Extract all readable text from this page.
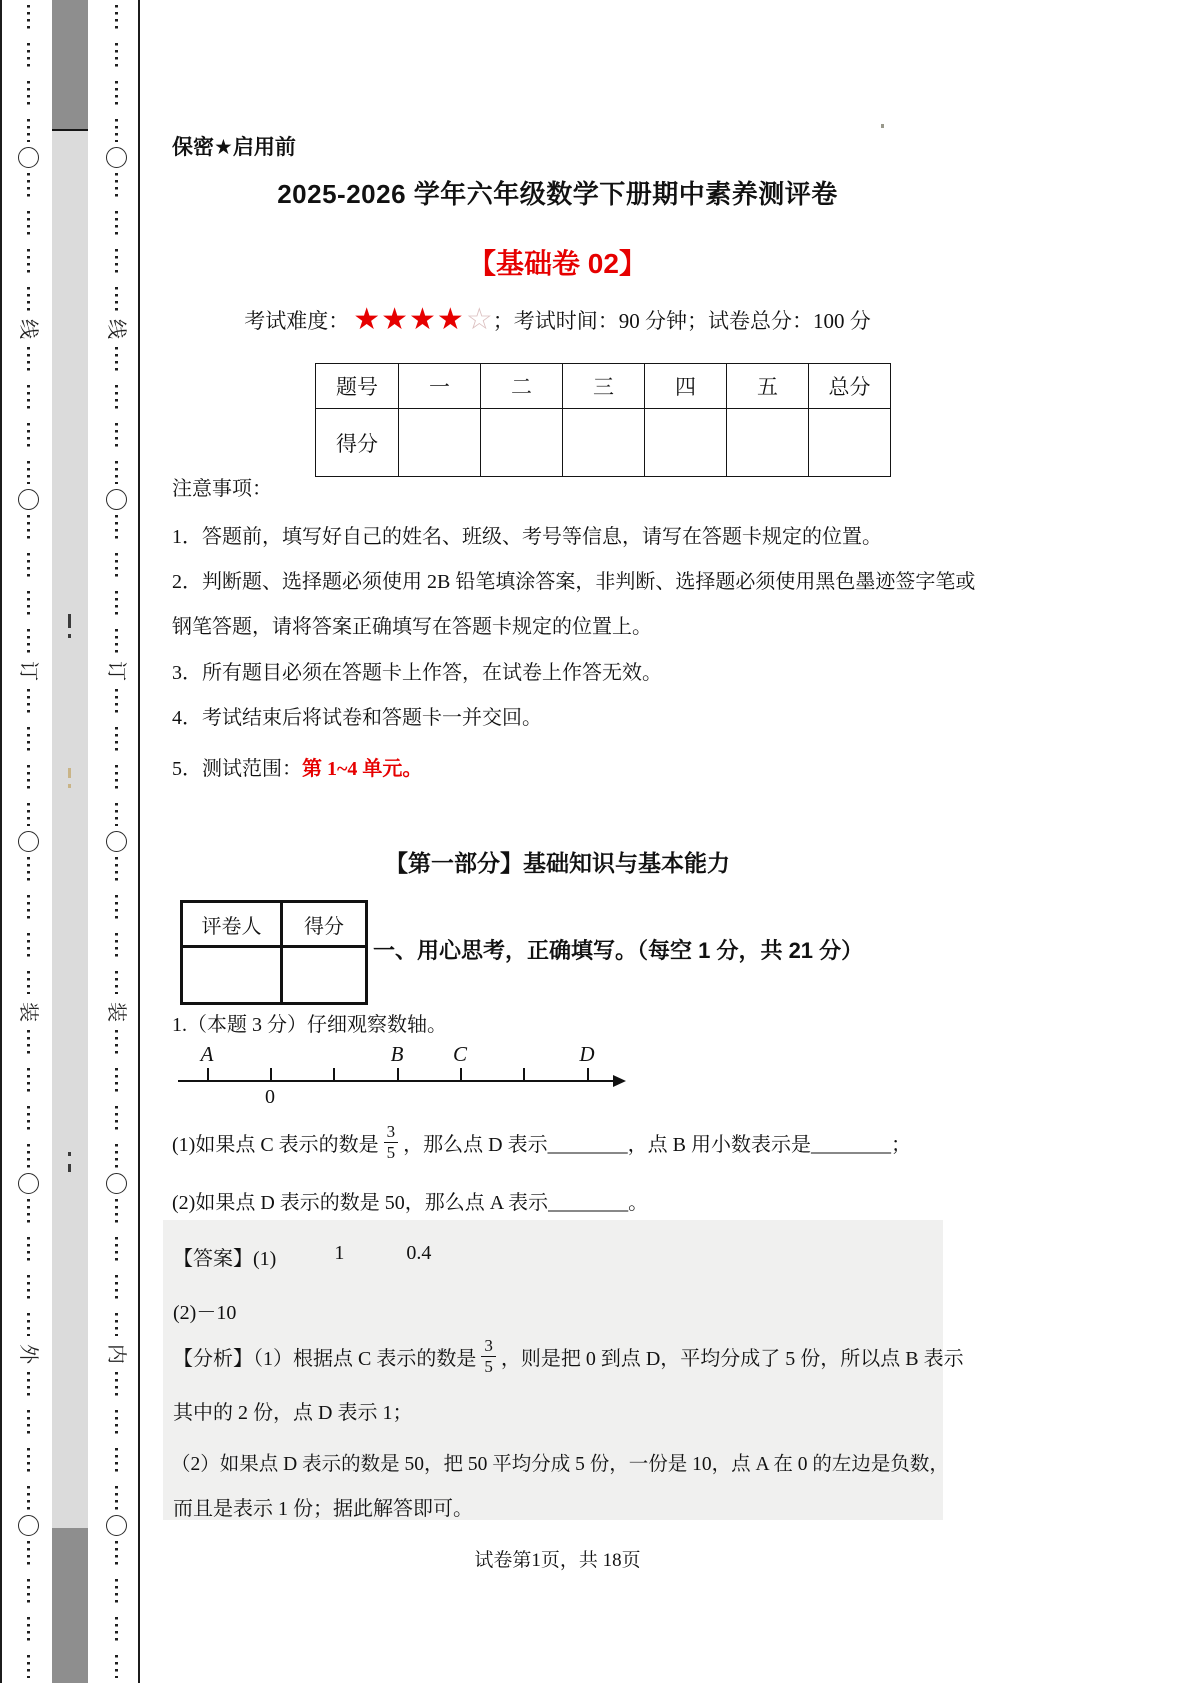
线
订
装
外
线
订
装
内
保密★启用前
2025-2026 学年六年级数学下册期中素养测评卷
【基础卷 02】
考试难度： ★★★★ ☆ ；考试时间：90 分钟；试卷总分：100 分
题号	一	二	三	四	五	总分
得分						
注意事项：
1．答题前，填写好自己的姓名、班级、考号等信息，请写在答题卡规定的位置。
2．判断题、选择题必须使用 2B 铅笔填涂答案，非判断、选择题必须使用黑色墨迹签字笔或
钢笔答题，请将答案正确填写在答题卡规定的位置上。
3．所有题目必须在答题卡上作答，在试卷上作答无效。
4．考试结束后将试卷和答题卡一并交回。
5．测试范围：第 1~4 单元。
【第一部分】基础知识与基本能力
评卷人	得分

一、用心思考，正确填写。（每空 1 分，共 21 分）
1.（本题 3 分）仔细观察数轴。
A	B	C	D
0
(1)如果点 C 表示的数是 $\frac{3}{5}$ ，那么点 D 表示________，点 B 用小数表示是________；
(2)如果点 D 表示的数是 50，那么点 A 表示________。
【答案】(1)	1	0.4
(2)－10
【分析】（1）根据点 C 表示的数是 $\frac{3}{5}$ ，则是把 0 到点 D，平均分成了 5 份，所以点 B 表示
其中的 2 份，点 D 表示 1；
（2）如果点 D 表示的数是 50，把 50 平均分成 5 份，一份是 10，点 A 在 0 的左边是负数，
而且是表示 1 份；据此解答即可。
试卷第1页，共 18页
